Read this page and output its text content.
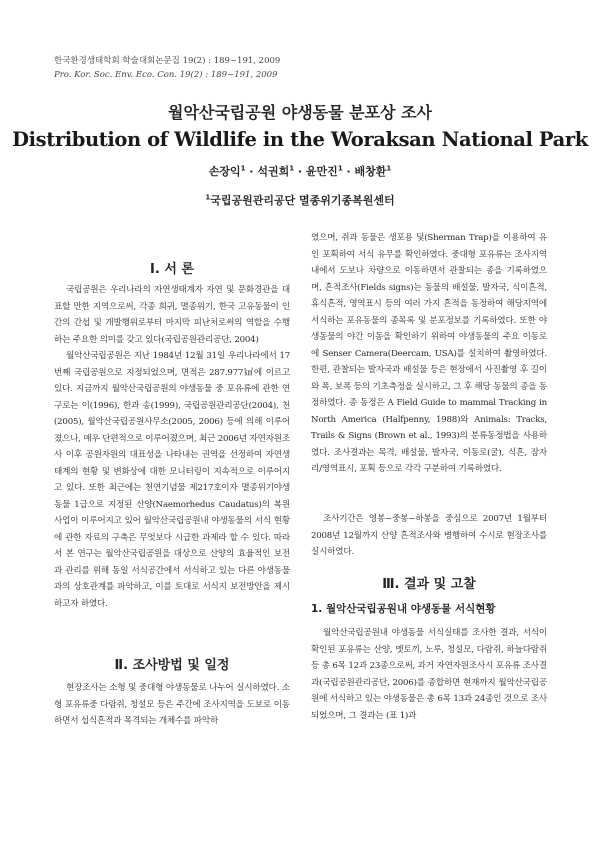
한국환경생태학회 학술대회논문집 19(2) : 189~191, 2009
Pro. Kor. Soc. Env. Eco. Con. 19(2) : 189~191, 2009
월악산국립공원 야생동물 분포상 조사
Distribution of Wildlife in the Woraksan National Park
손장익$^1$ · 석권희$^1$ · 윤만진$^1$ · 배창환$^1$
$^1$국립공원관리공단 멸종위기종복원센터
Ⅰ. 서 론

국립공원은 우리나라의 자연생태계자 자연 및 문화경관을 대표할 만한 지역으로써, 각종 희귀, 멸종위기, 한국 고유동물이 인간의 간섭 및 개발행위로부터 마지막 피난처로써의 역할을 수행하는 주요한 의미를 갖고 있다(국립공원관리공단, 2004)

월악산국립공원은 지난 1984년 12월 31일 우리나라에서 17번째 국립공원으로 지정되었으며, 면적은 287.977㎢에 이르고 있다. 지금까지 월악산국립공원의 야생동물 중 포유류에 관한 연구로는 이(1996), 한과 송(1999), 국립공원관리공단(2004), 천(2005), 월악산국립공원사무소(2005, 2006) 등에 의해 이루어졌으나, 매우 단편적으로 이루어졌으며, 최근 2006년 자연자원조사 이후 공원자원의 대표성을 나타내는 권역을 선정하여 자연생태계의 현황 및 변화상에 대한 모니터링이 지속적으로 이루어지고 있다. 또한 최근에는 천연기념물 제217호이자 멸종위기야생동물 1급으로 지정된 산양(Naemorhedus Caudatus)의 복원사업이 이루어지고 있어 월악산국립공원내 야생동물의 서식 현황에 관한 자료의 구축은 무엇보다 시급한 과제라 할 수 있다. 따라서 본 연구는 월악산국립공원을 대상으로 산양의 효율적인 보전과 관리를 위해 동일 서식공간에서 서식하고 있는 다른 야생동물과의 상호관계를 파악하고, 이를 토대로 서식지 보전방안을 제시하고자 하였다.

Ⅱ. 조사방법 및 일정

현장조사는 소형 및 중대형 야생동물로 나누어 실시하였다. 소형 포유류중 다람쥐, 청설모 등은 주간에 조사지역을 도보로 이동하면서 섭식흔적과 목격되는 개체수를 파악하

였으며, 쥐과 동물은 생포용 덫(Sherman Trap)을 이용하여 유인 포획하여 서식 유무를 확인하였다. 중대형 포유류는 조사지역내에서 도보나 차량으로 이동하면서 관찰되는 종을 기록하였으며, 흔적조사(Fields signs)는 동물의 배설물, 발자국, 식이흔적, 휴식흔적, 영역표시 등의 여러 가지 흔적을 동정하여 해당지역에 서식하는 포유동물의 종목록 및 분포정보를 기록하였다. 또한 야생동물의 야간 이동을 확인하기 위하여 야생동물의 주요 이동로에 Senser Camera(Deercam, USA)를 설치하여 촬영하였다. 한편, 관찰되는 발자국과 배설물 등은 현장에서 사진촬영 후 길이와 폭, 보폭 등의 기초측정을 실시하고, 그 후 해당 동물의 종을 동정하였다. 종 동정은 A Field Guide to mammal Tracking in North America (Halfpenny, 1988)와 Animals: Tracks, Trails & Signs (Brown et al., 1993)의 분류동정법을 사용하였다. 조사결과는 목격, 배설물, 발자국, 이동로(굴), 식흔, 잠자리/영역표시, 포획 등으로 각각 구분하여 기록하였다.

조사기간은 영봉~중봉~하봉을 중심으로 2007년 1월부터 2008년 12월까지 산양 흔적조사와 병행하여 수시로 현장조사를 실시하였다.

Ⅲ. 결과 및 고찰
1. 월악산국립공원내 야생동물 서식현황

월악산국립공원내 야생동물 서식실태를 조사한 결과, 서식이 확인된 포유류는 산양, 멧토끼, 노루, 청설모, 다람쥐, 하늘다람쥐 등 총 6목 12과 23종으로써, 과거 자연자원조사시 포유류 조사결과(국립공원관리공단, 2006)를 종합하면 현재까지 월악산국립공원에 서식하고 있는 야생동물은 총 6목 13과 24종인 것으로 조사되었으며, 그 결과는 (표 1)과
